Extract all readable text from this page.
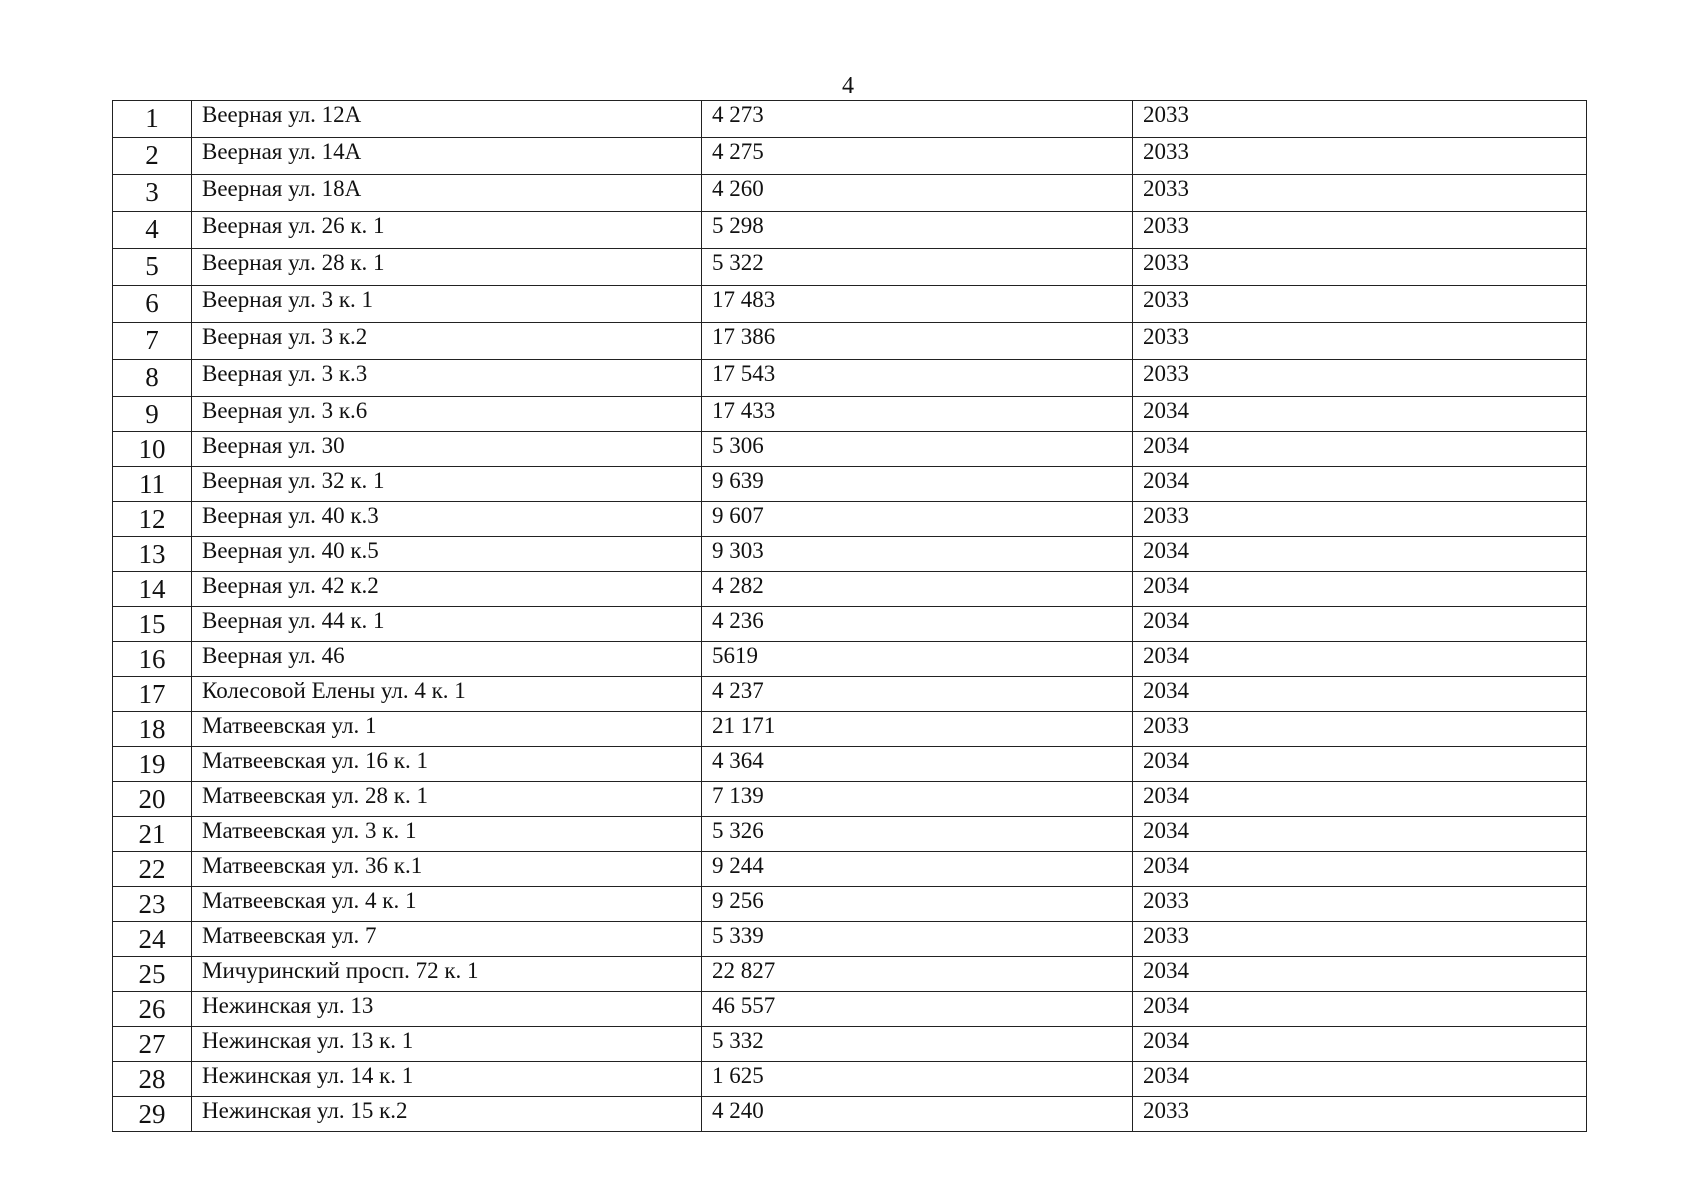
4
1	Веерная ул. 12А	4 273	2033
2	Веерная ул. 14А	4 275	2033
3	Веерная ул. 18А	4 260	2033
4	Веерная ул. 26 к. 1	5 298	2033
5	Веерная ул. 28 к. 1	5 322	2033
6	Веерная ул. 3 к. 1	17 483	2033
7	Веерная ул. 3 к.2	17 386	2033
8	Веерная ул. 3 к.3	17 543	2033
9	Веерная ул. 3 к.6	17 433	2034
10	Веерная ул. 30	5 306	2034
11	Веерная ул. 32 к. 1	9 639	2034
12	Веерная ул. 40 к.3	9 607	2033
13	Веерная ул. 40 к.5	9 303	2034
14	Веерная ул. 42 к.2	4 282	2034
15	Веерная ул. 44 к. 1	4 236	2034
16	Веерная ул. 46	5619	2034
17	Колесовой Елены ул. 4 к. 1	4 237	2034
18	Матвеевская ул. 1	21 171	2033
19	Матвеевская ул. 16 к. 1	4 364	2034
20	Матвеевская ул. 28 к. 1	7 139	2034
21	Матвеевская ул. 3 к. 1	5 326	2034
22	Матвеевская ул. 36 к.1	9 244	2034
23	Матвеевская ул. 4 к. 1	9 256	2033
24	Матвеевская ул. 7	5 339	2033
25	Мичуринский просп. 72 к. 1	22 827	2034
26	Нежинская ул. 13	46 557	2034
27	Нежинская ул. 13 к. 1	5 332	2034
28	Нежинская ул. 14 к. 1	1 625	2034
29	Нежинская ул. 15 к.2	4 240	2033
